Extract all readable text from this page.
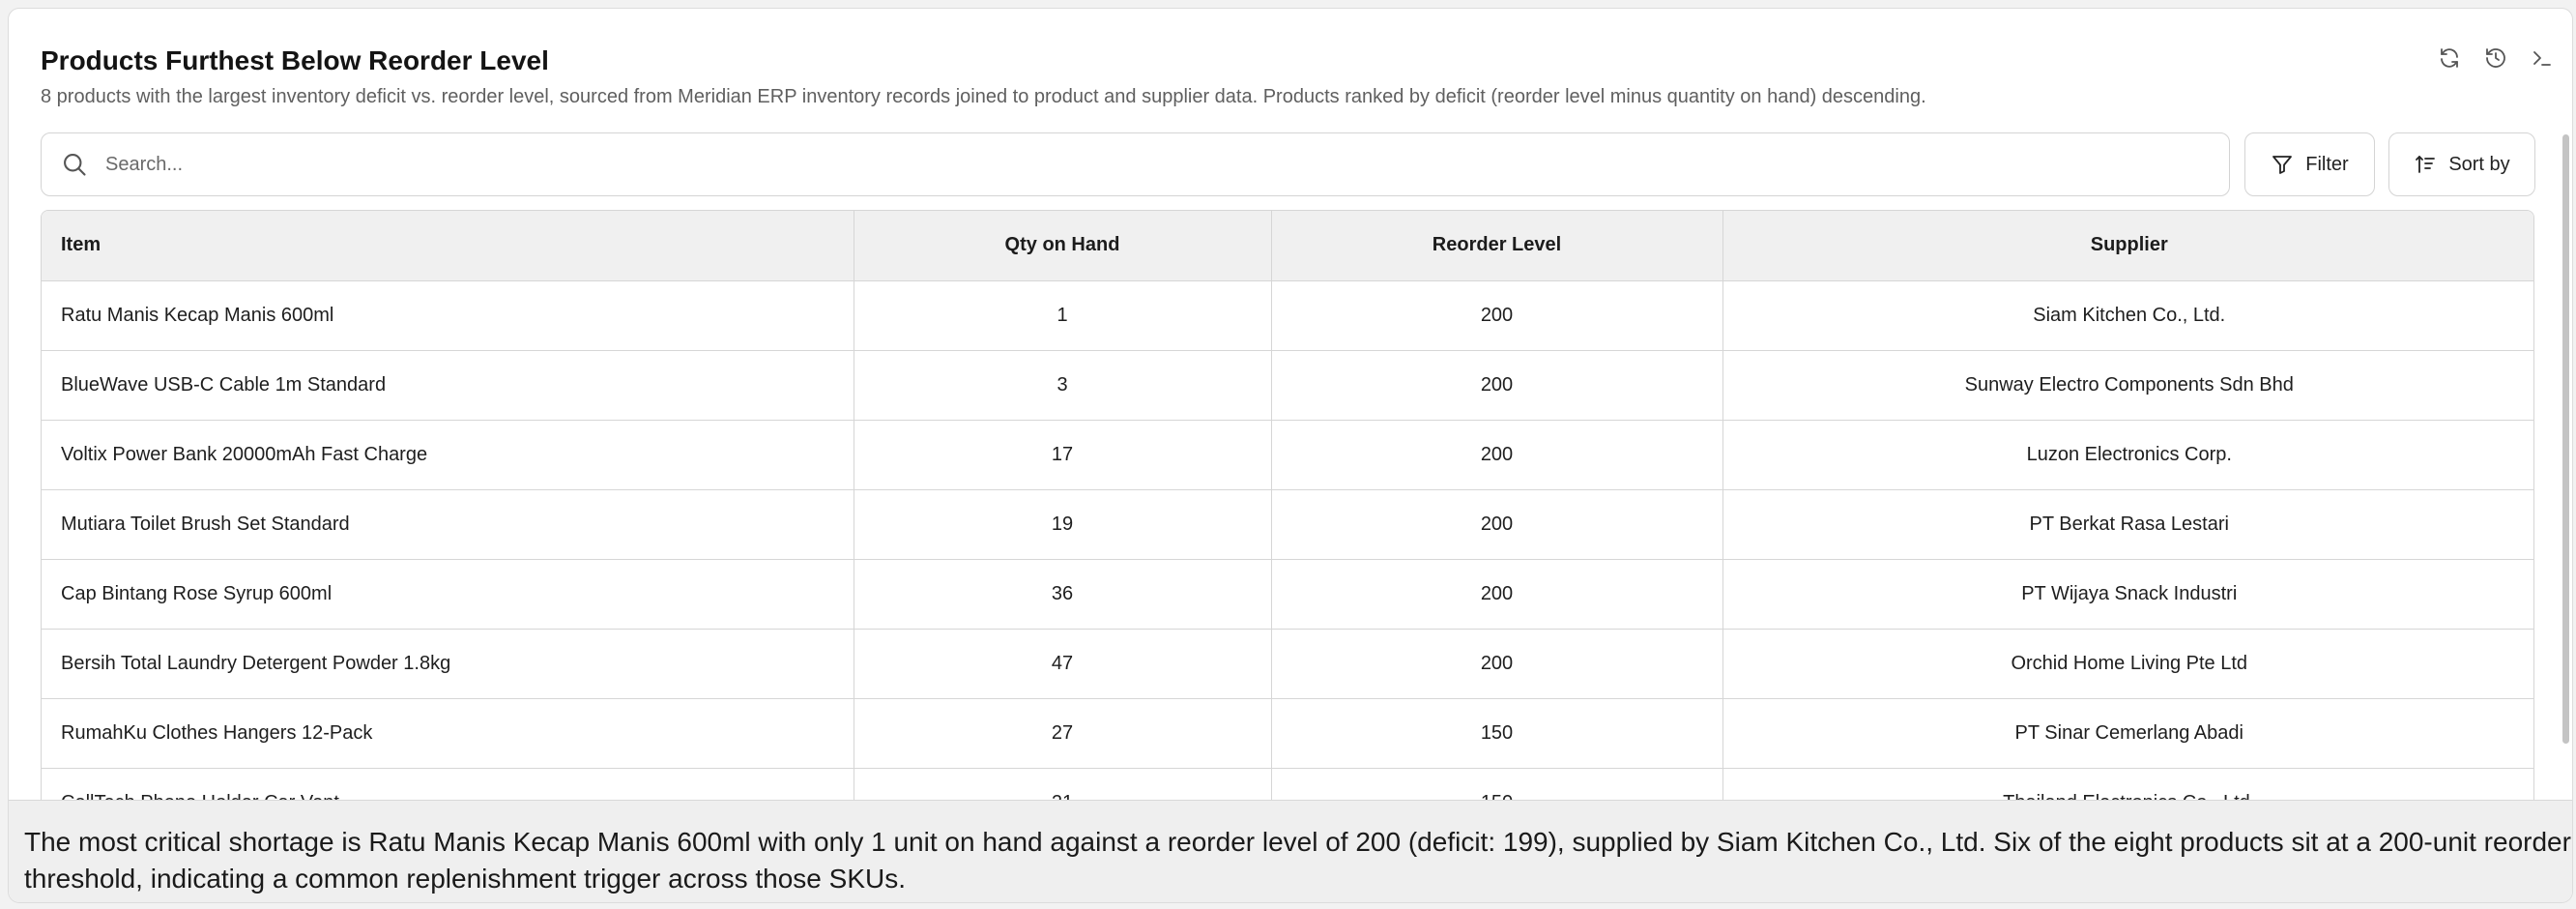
Products Furthest Below Reorder Level
8 products with the largest inventory deficit vs. reorder level, sourced from Meridian ERP inventory records joined to product and supplier data. Products ranked by deficit (reorder level minus quantity on hand) descending.
Search...
Filter	Sort by
Item	Qty on Hand	Reorder Level	Supplier
Ratu Manis Kecap Manis 600ml	1	200	Siam Kitchen Co., Ltd.
BlueWave USB-C Cable 1m Standard	3	200	Sunway Electro Components Sdn Bhd
Voltix Power Bank 20000mAh Fast Charge	17	200	Luzon Electronics Corp.
Mutiara Toilet Brush Set Standard	19	200	PT Berkat Rasa Lestari
Cap Bintang Rose Syrup 600ml	36	200	PT Wijaya Snack Industri
Bersih Total Laundry Detergent Powder 1.8kg	47	200	Orchid Home Living Pte Ltd
RumahKu Clothes Hangers 12-Pack	27	150	PT Sinar Cemerlang Abadi

The most critical shortage is Ratu Manis Kecap Manis 600ml with only 1 unit on hand against a reorder level of 200 (deficit: 199), supplied by Siam Kitchen Co., Ltd. Six of the eight products sit at a 200-unit reorder threshold, indicating a common replenishment trigger across those SKUs.
